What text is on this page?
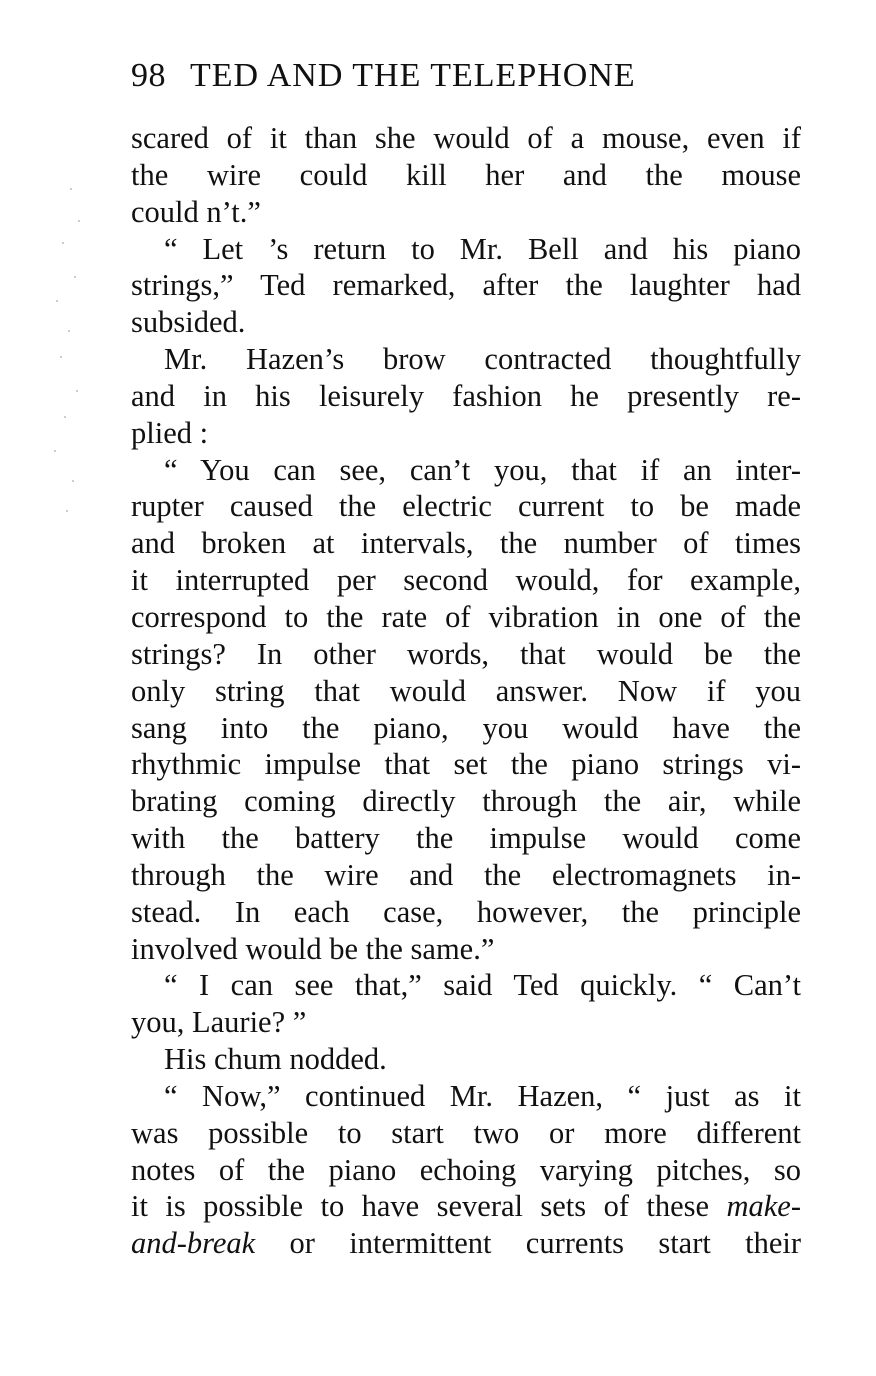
98 TED AND THE TELEPHONE
scared of it than she would of a mouse, even if
the wire could kill her and the mouse
could n’t.”
“ Let ’s return to Mr. Bell and his piano
strings,” Ted remarked, after the laughter had
subsided.
Mr. Hazen’s brow contracted thoughtfully
and in his leisurely fashion he presently re-
plied :
“ You can see, can’t you, that if an inter-
rupter caused the electric current to be made
and broken at intervals, the number of times
it interrupted per second would, for example,
correspond to the rate of vibration in one of the
strings? In other words, that would be the
only string that would answer. Now if you
sang into the piano, you would have the
rhythmic impulse that set the piano strings vi-
brating coming directly through the air, while
with the battery the impulse would come
through the wire and the electromagnets in-
stead. In each case, however, the principle
involved would be the same.”
“ I can see that,” said Ted quickly. “ Can’t
you, Laurie? ”
His chum nodded.
“ Now,” continued Mr. Hazen, “ just as it
was possible to start two or more different
notes of the piano echoing varying pitches, so
it is possible to have several sets of these make-
and-break or intermittent currents start their
